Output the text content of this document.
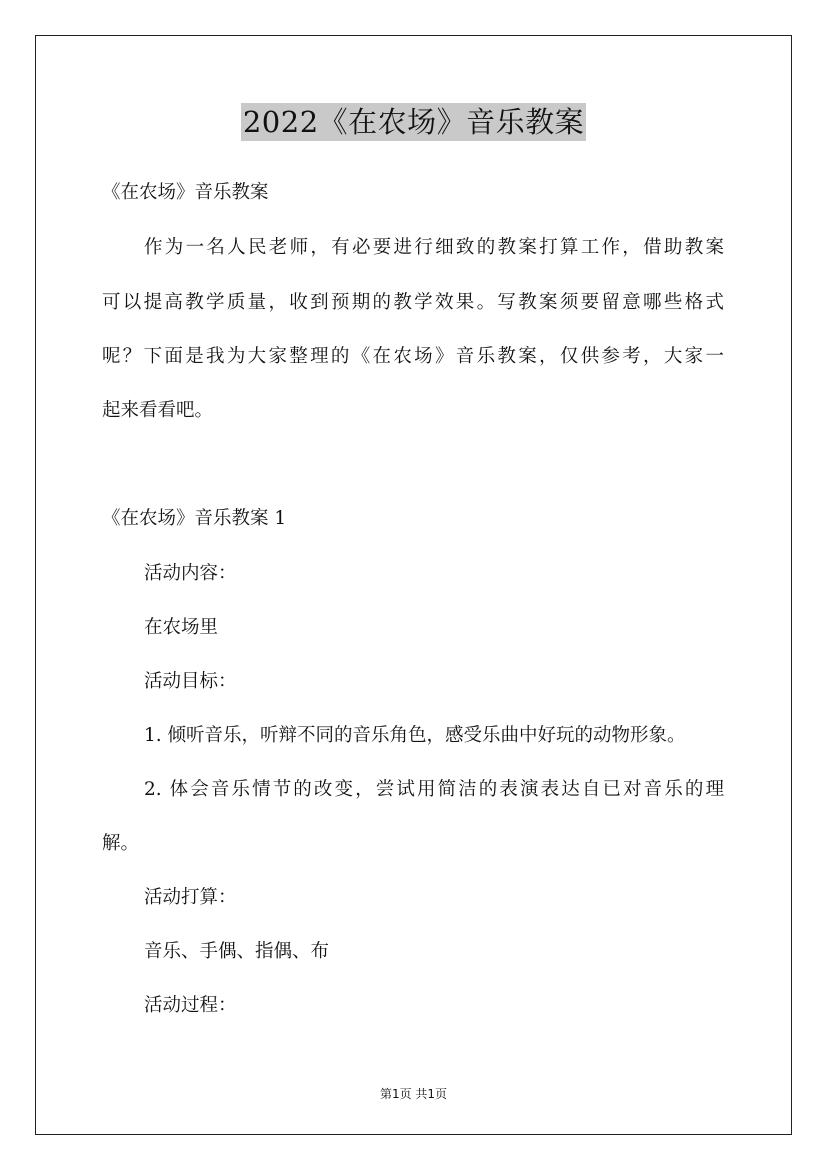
2022《在农场》音乐教案
《在农场》音乐教案
作为一名人民老师，有必要进行细致的教案打算工作，借助教案
可以提高教学质量，收到预期的教学效果。写教案须要留意哪些格式
呢？下面是我为大家整理的《在农场》音乐教案，仅供参考，大家一
起来看看吧。
《在农场》音乐教案 1
活动内容：
在农场里
活动目标：
1. 倾听音乐，听辩不同的音乐角色，感受乐曲中好玩的动物形象。
2. 体会音乐情节的改变，尝试用简洁的表演表达自已对音乐的理
解。
活动打算：
音乐、手偶、指偶、布
活动过程：
第1页 共1页
